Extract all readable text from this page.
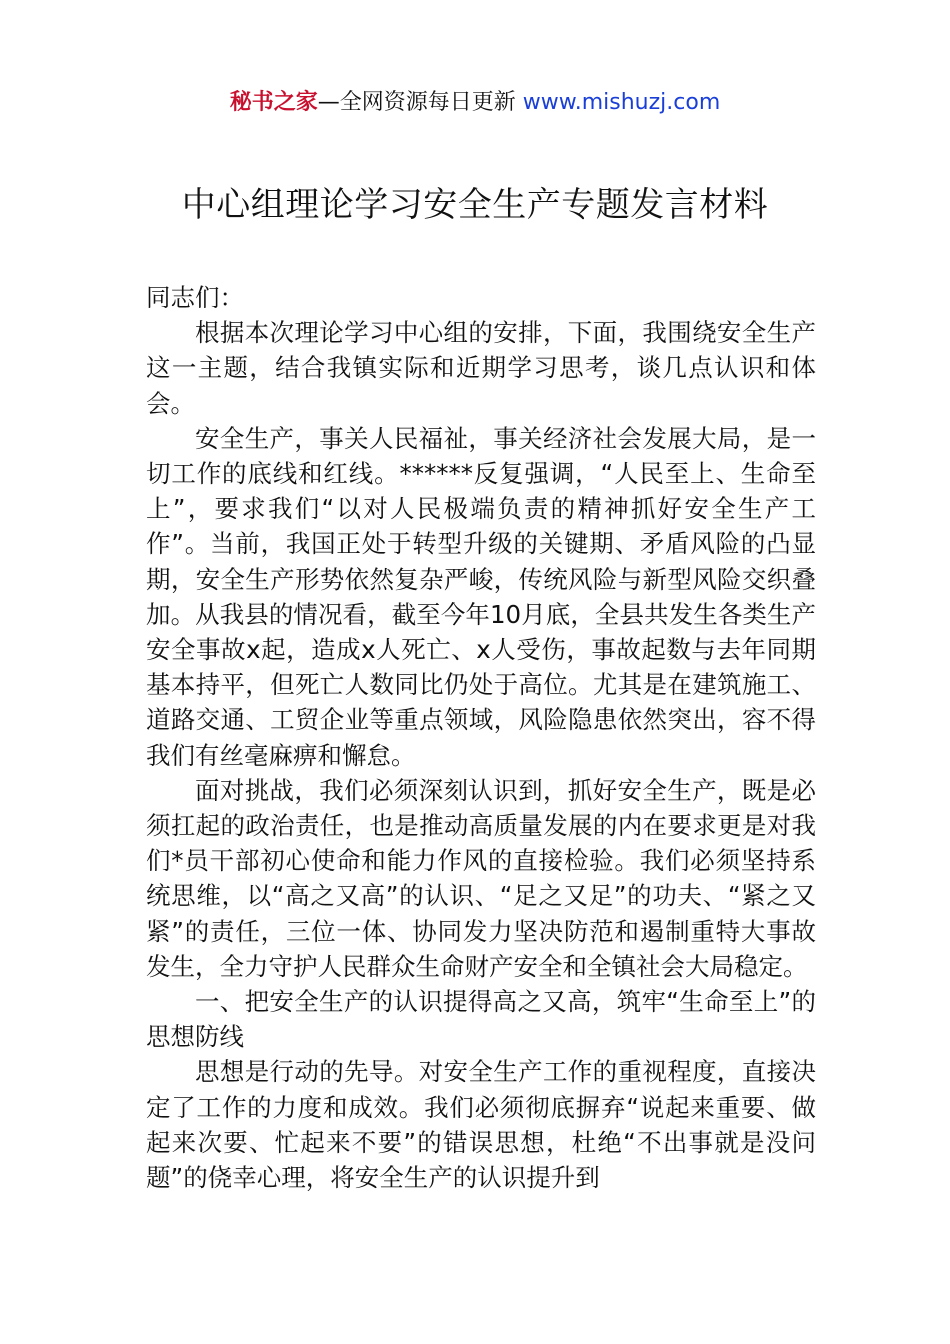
秘书之家—全网资源每日更新 www.mishuzj.com
中心组理论学习安全生产专题发言材料

同志们：

根据本次理论学习中心组的安排，下面，我围绕安全生产这一主题，结合我镇实际和近期学习思考，谈几点认识和体会。

安全生产，事关人民福祉，事关经济社会发展大局，是一切工作的底线和红线。******反复强调，“人民至上、生命至上”，要求我们“以对人民极端负责的精神抓好安全生产工作”。当前，我国正处于转型升级的关键期、矛盾风险的凸显期，安全生产形势依然复杂严峻，传统风险与新型风险交织叠加。从我县的情况看，截至今年10月底，全县共发生各类生产安全事故x起，造成x人死亡、x人受伤，事故起数与去年同期基本持平，但死亡人数同比仍处于高位。尤其是在建筑施工、道路交通、工贸企业等重点领域，风险隐患依然突出，容不得我们有丝毫麻痹和懈怠。

面对挑战，我们必须深刻认识到，抓好安全生产，既是必须扛起的政治责任，也是推动高质量发展的内在要求更是对我们*员干部初心使命和能力作风的直接检验。我们必须坚持系统思维，以“高之又高”的认识、“足之又足”的功夫、“紧之又紧”的责任，三位一体、协同发力坚决防范和遏制重特大事故发生，全力守护人民群众生命财产安全和全镇社会大局稳定。

一、把安全生产的认识提得高之又高，筑牢“生命至上”的思想防线

思想是行动的先导。对安全生产工作的重视程度，直接决定了工作的力度和成效。我们必须彻底摒弃“说起来重要、做起来次要、忙起来不要”的错误思想，杜绝“不出事就是没问题”的侥幸心理，将安全生产的认识提升到
